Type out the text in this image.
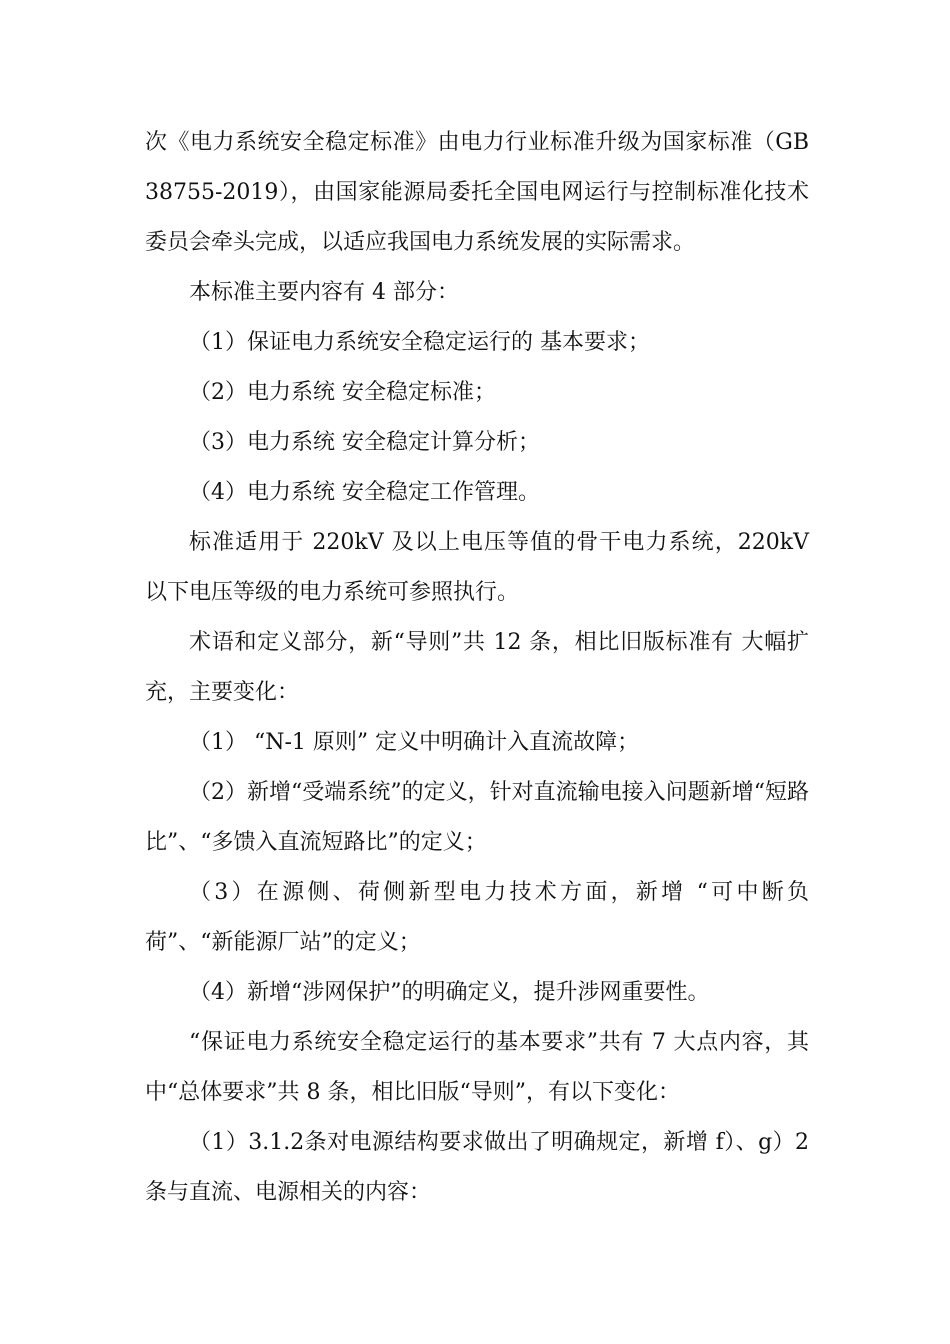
次《电力系统安全稳定标准》由电力行业标准升级为国家标准（GB 38755-2019），由国家能源局委托全国电网运行与控制标准化技术委员会牵头完成，以适应我国电力系统发展的实际需求。

本标准主要内容有 4 部分：

（1）保证电力系统安全稳定运行的 基本要求；

（2）电力系统 安全稳定标准；

（3）电力系统 安全稳定计算分析；

（4）电力系统 安全稳定工作管理。

标准适用于 220kV 及以上电压等值的骨干电力系统，220kV 以下电压等级的电力系统可参照执行。

术语和定义部分，新“导则”共 12 条，相比旧版标准有 大幅扩充，主要变化：

（1） “N-1 原则” 定义中明确计入直流故障；

（2）新增“受端系统”的定义，针对直流输电接入问题新增“短路比”、“多馈入直流短路比”的定义；

（3）在源侧、荷侧新型电力技术方面，新增 “可中断负荷”、“新能源厂站”的定义；

（4）新增“涉网保护”的明确定义，提升涉网重要性。

“保证电力系统安全稳定运行的基本要求”共有 7 大点内容，其中“总体要求”共 8 条，相比旧版“导则”，有以下变化：

（1）3.1.2条对电源结构要求做出了明确规定，新增 f）、g）2 条与直流、电源相关的内容：
